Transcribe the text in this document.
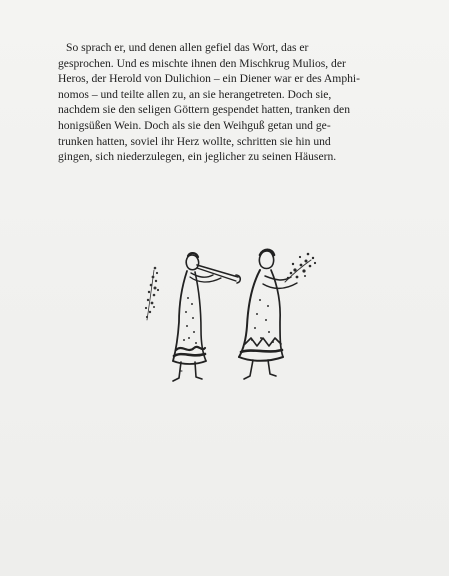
So sprach er, und denen allen gefiel das Wort, das er
gesprochen. Und es mischte ihnen den Mischkrug Mulios, der
Heros, der Herold von Dulichion – ein Diener war er des Amphi-
nomos – und teilte allen zu, an sie herangetreten. Doch sie,
nachdem sie den seligen Göttern gespendet hatten, tranken den
honigsüßen Wein. Doch als sie den Weihguß getan und ge-
trunken hatten, soviel ihr Herz wollte, schritten sie hin und
gingen, sich niederzulegen, ein jeglicher zu seinen Häusern.
